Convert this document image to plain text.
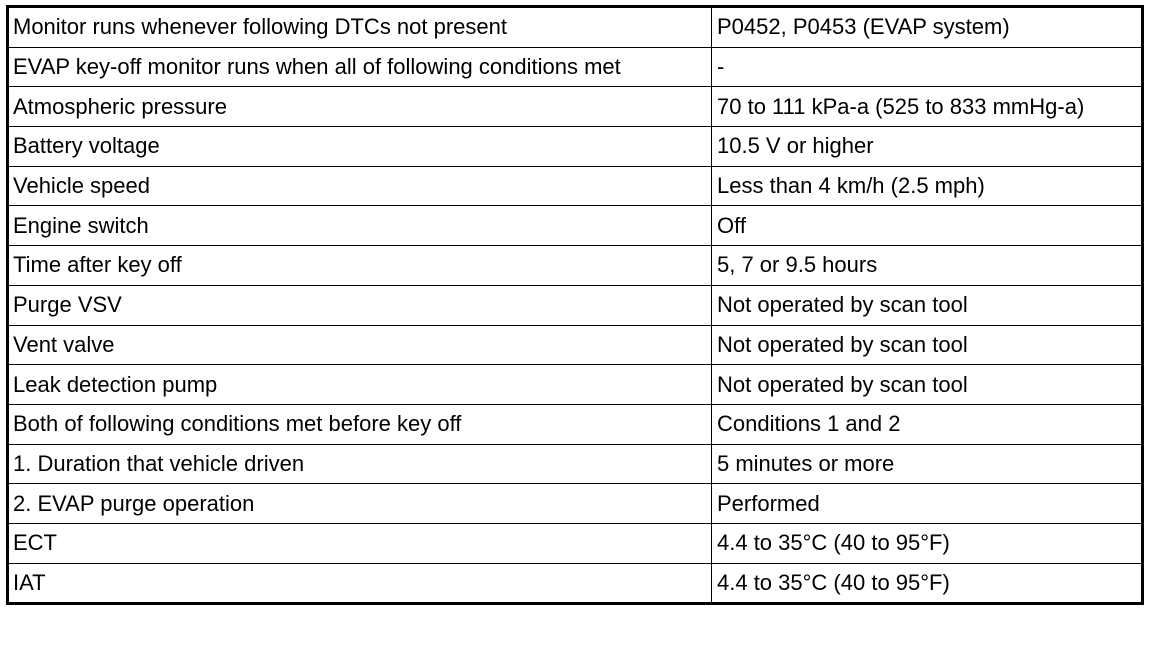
Monitor runs whenever following DTCs not present	P0452, P0453 (EVAP system)
EVAP key-off monitor runs when all of following conditions met	-
Atmospheric pressure	70 to 111 kPa-a (525 to 833 mmHg-a)
Battery voltage	10.5 V or higher
Vehicle speed	Less than 4 km/h (2.5 mph)
Engine switch	Off
Time after key off	5, 7 or 9.5 hours
Purge VSV	Not operated by scan tool
Vent valve	Not operated by scan tool
Leak detection pump	Not operated by scan tool
Both of following conditions met before key off	Conditions 1 and 2
1. Duration that vehicle driven	5 minutes or more
2. EVAP purge operation	Performed
ECT	4.4 to 35°C (40 to 95°F)
IAT	4.4 to 35°C (40 to 95°F)
